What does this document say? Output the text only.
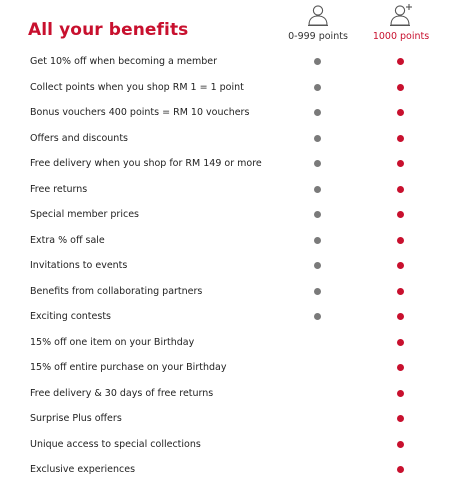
All your benefits	0-999 points	1000 points
Get 10% off when becoming a member
Collect points when you shop RM 1 = 1 point
Bonus vouchers 400 points = RM 10 vouchers
Offers and discounts
Free delivery when you shop for RM 149 or more
Free returns
Special member prices
Extra % off sale
Invitations to events
Benefits from collaborating partners
Exciting contests
15% off one item on your Birthday
15% off entire purchase on your Birthday
Free delivery & 30 days of free returns
Surprise Plus offers
Unique access to special collections
Exclusive experiences
